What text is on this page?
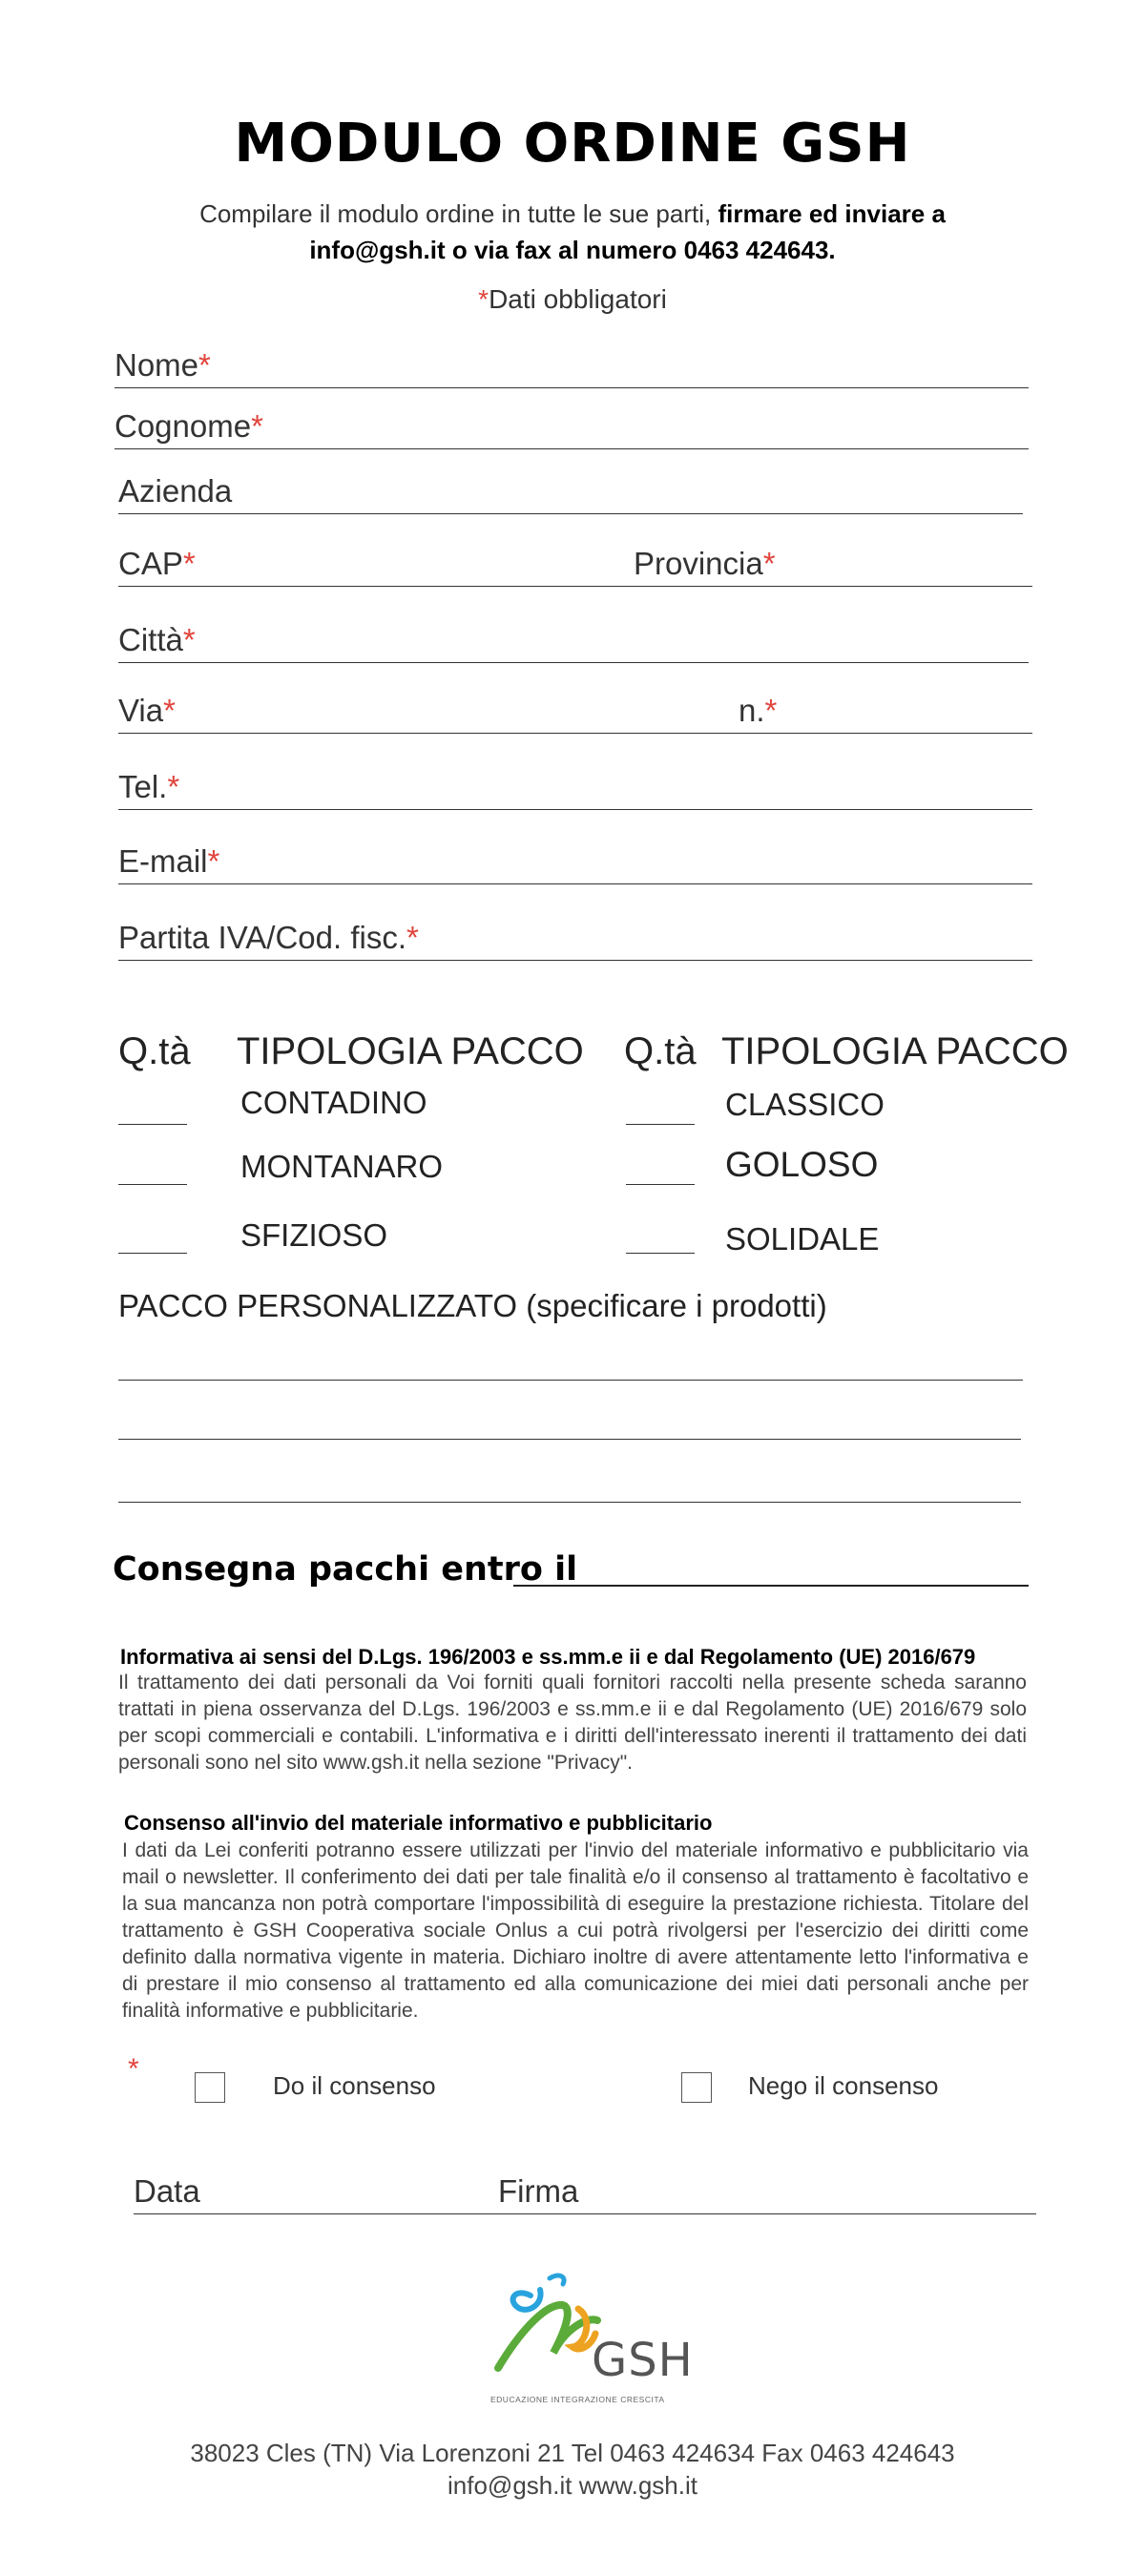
MODULO ORDINE GSH
Compilare il modulo ordine in tutte le sue parti, firmare ed inviare a
info@gsh.it o via fax al numero 0463 424643.
*Dati obbligatori
Nome*
Cognome*
Azienda
CAP*	Provincia*
Città*
Via*	n.*
Tel.*
E-mail*
Partita IVA/Cod. fisc.*
Q.tà TIPOLOGIA PACCO Q.tà TIPOLOGIA PACCO
CONTADINO	CLASSICO
MONTANARO	GOLOSO
SFIZIOSO	SOLIDALE
PACCO PERSONALIZZATO (specificare i prodotti)
Consegna pacchi entro il
Informativa ai sensi del D.Lgs. 196/2003 e ss.mm.e ii e dal Regolamento (UE) 2016/679
Il trattamento dei dati personali da Voi forniti quali fornitori raccolti nella presente scheda saranno trattati in piena osservanza del D.Lgs. 196/2003 e ss.mm.e ii e dal Regolamento (UE) 2016/679 solo per scopi commerciali e contabili. L'informativa e i diritti dell'interessato inerenti il trattamento dei dati personali sono nel sito www.gsh.it nella sezione "Privacy".
Consenso all'invio del materiale informativo e pubblicitario
I dati da Lei conferiti potranno essere utilizzati per l'invio del materiale informativo e pubblicitario via mail o newsletter. Il conferimento dei dati per tale finalità e/o il consenso al trattamento è facoltativo e la sua mancanza non potrà comportare l'impossibilità di eseguire la prestazione richiesta. Titolare del trattamento è GSH Cooperativa sociale Onlus a cui potrà rivolgersi per l'esercizio dei diritti come definito dalla normativa vigente in materia. Dichiaro inoltre di avere attentamente letto l'informativa e di prestare il mio consenso al trattamento ed alla comunicazione dei miei dati personali anche per finalità informative e pubblicitarie.
*
Do il consenso	Nego il consenso
Data	Firma
GSH
EDUCAZIONE INTEGRAZIONE CRESCITA
38023 Cles (TN) Via Lorenzoni 21 Tel 0463 424634 Fax 0463 424643
info@gsh.it www.gsh.it
